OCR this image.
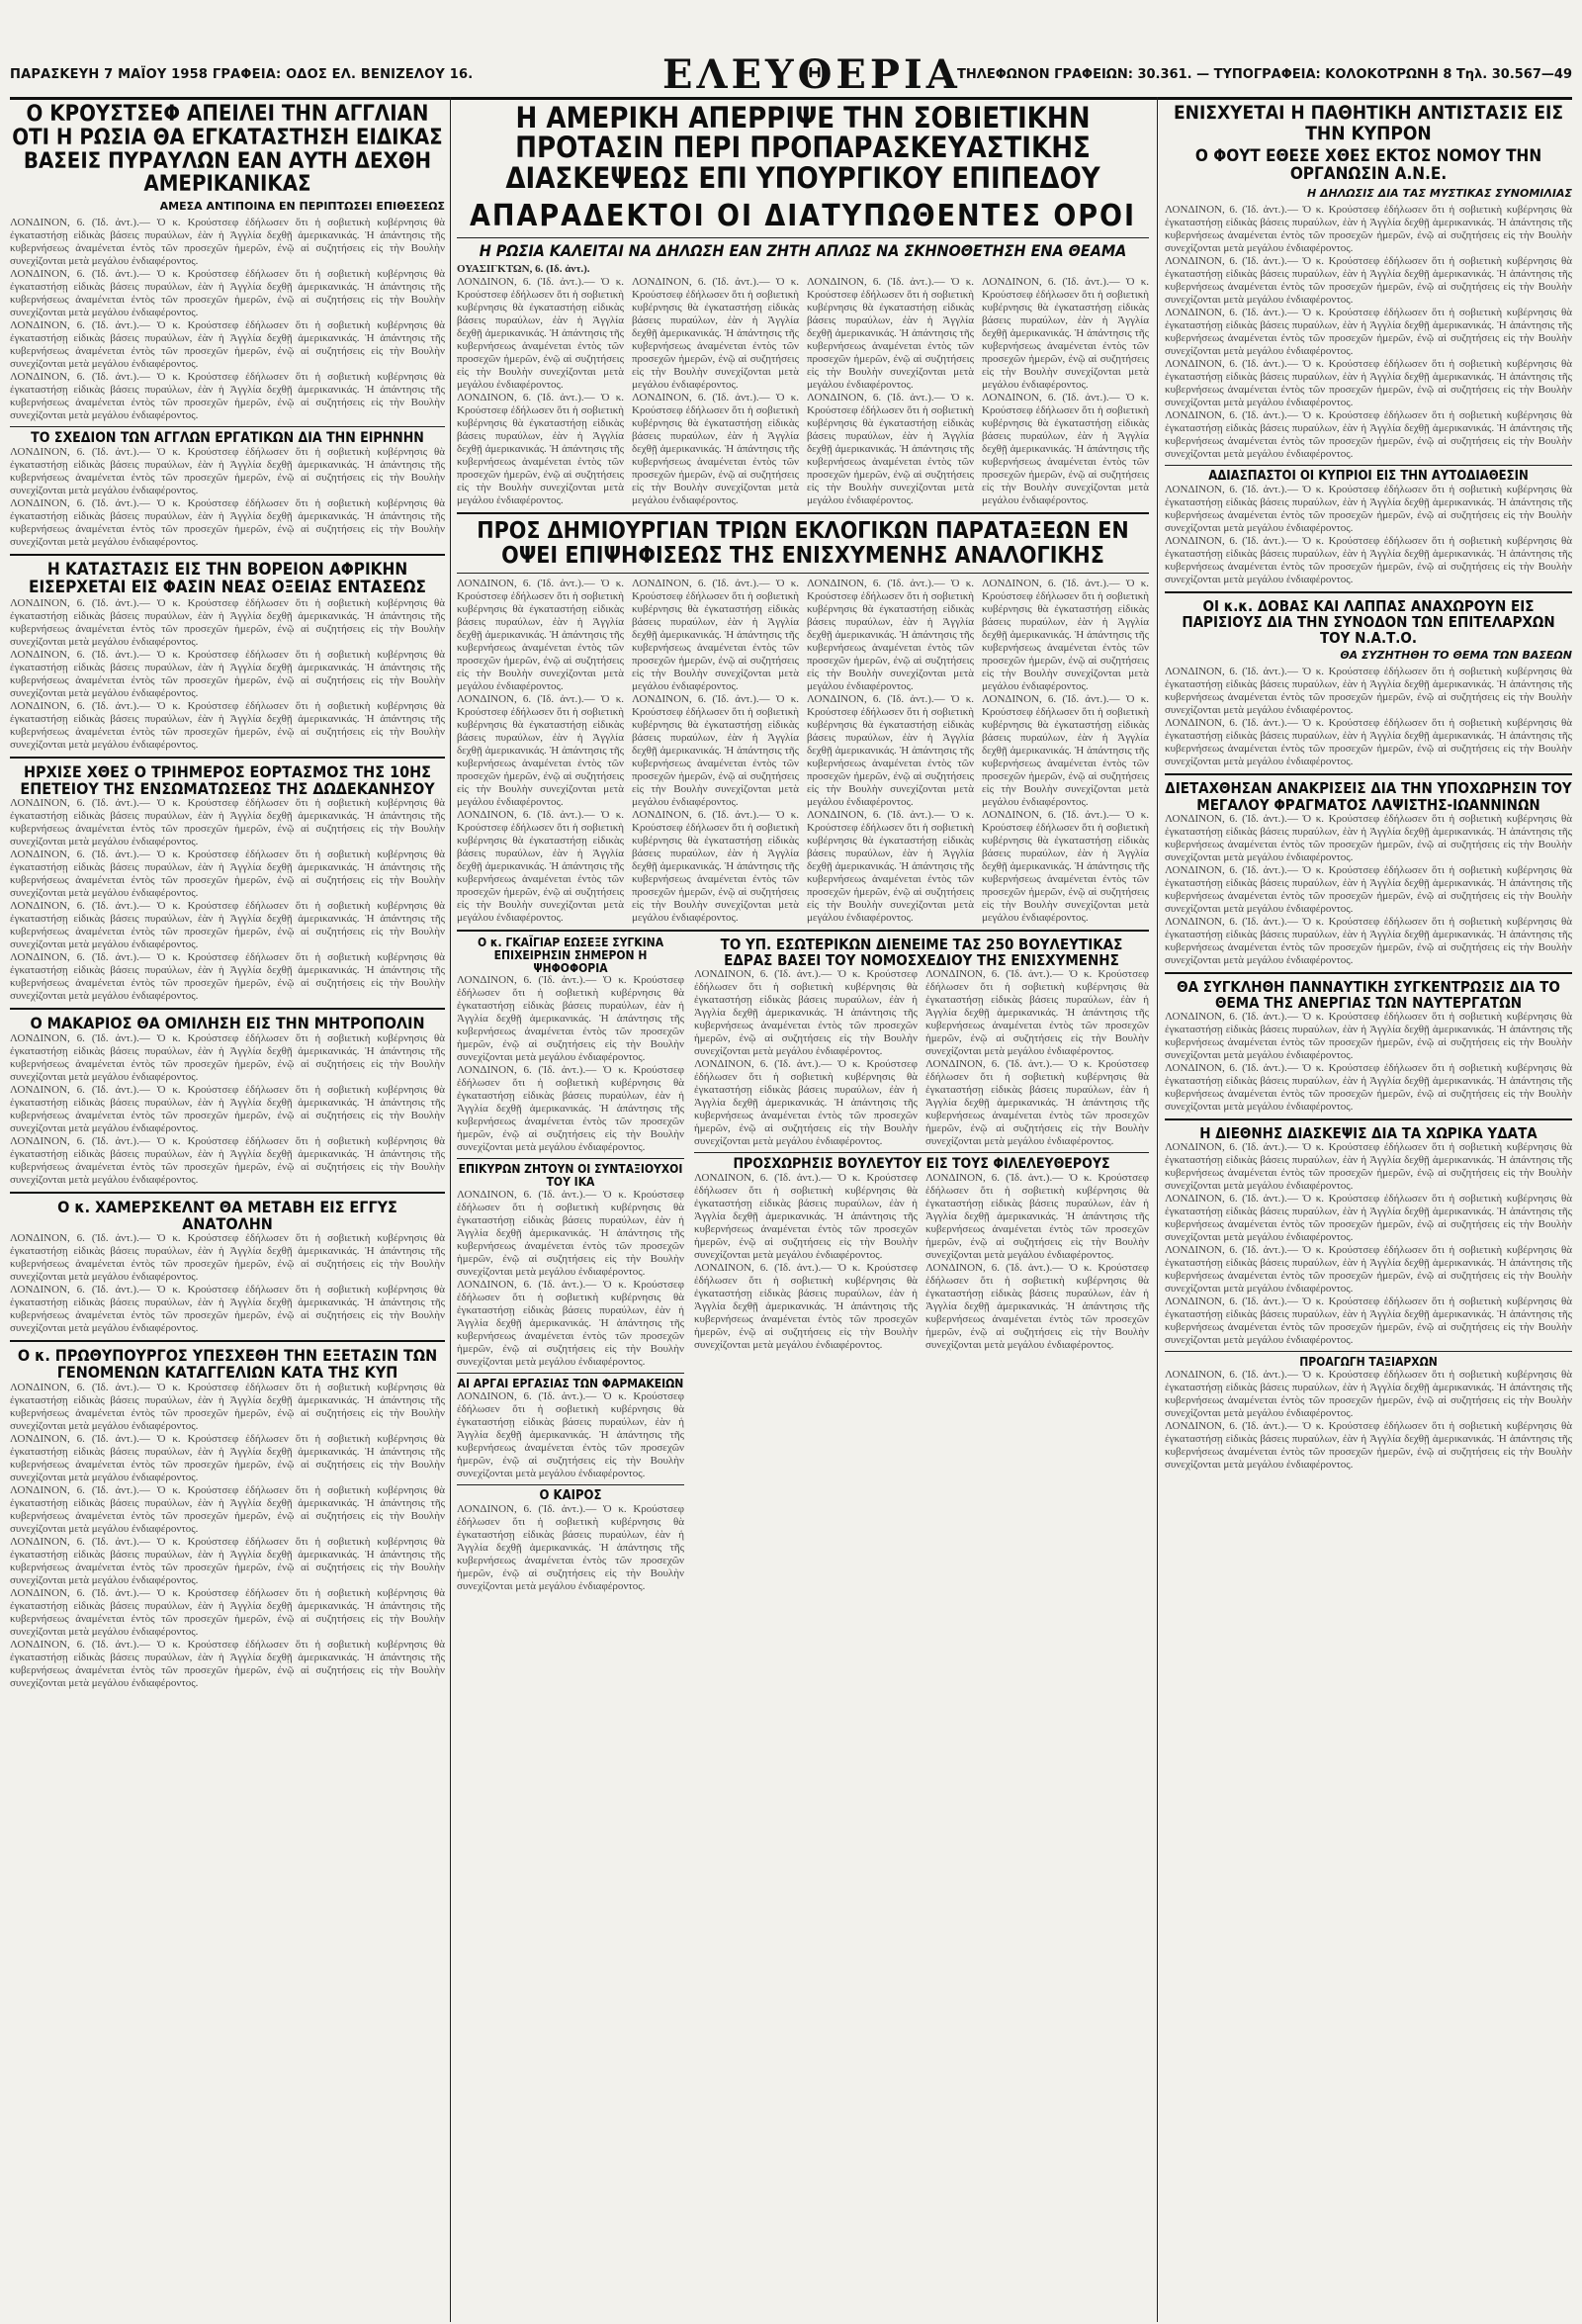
ΠΑΡΑΣΚΕΥΗ 7 ΜΑΪΟΥ 1958 ΓΡΑΦΕΙΑ: ΟΔΟΣ ΕΛ. ΒΕΝΙΖΕΛΟΥ 16.	ΕΛΕΥΘΕΡΙΑ
ΤΗΛΕΦΩΝΟΝ ΓΡΑΦΕΙΩΝ: 30.361. — ΤΥΠΟΓΡΑΦΕΙΑ: ΚΟΛΟΚΟΤΡΩΝΗ 8 Τηλ. 30.567—49
Ο ΚΡΟΥΣΤΣΕΦ ΑΠΕΙΛΕΙ ΤΗΝ ΑΓΓΛΙΑΝ ΟΤΙ Η ΡΩΣΙΑ ΘΑ ΕΓΚΑΤΑΣΤΗΣΗ ΕΙΔΙΚΑΣ ΒΑΣΕΙΣ ΠΥΡΑΥΛΩΝ ΕΑΝ ΑΥΤΗ ΔΕΧΘΗ ΑΜΕΡΙΚΑΝΙΚΑΣ
ΑΜΕΣΑ ΑΝΤΙΠΟΙΝΑ ΕΝ ΠΕΡΙΠΤΩΣΕΙ ΕΠΙΘΕΣΕΩΣ

ΛΟΝΔΙΝΟΝ, 6. (Ἰδ. ἀντ.).— Ὁ κ. Κρούστσεφ ἐδήλωσεν ὅτι ἡ σοβιετικὴ κυβέρνησις θὰ ἐγκαταστήσῃ εἰδικὰς βάσεις πυραύλων, ἐὰν ἡ Ἀγγλία δεχθῇ ἀμερικανικάς. Ἡ ἀπάντησις τῆς κυβερνήσεως ἀναμένεται ἐντὸς τῶν προσεχῶν ἡμερῶν, ἐνῷ αἱ συζητήσεις εἰς τὴν Βουλὴν συνεχίζονται μετὰ μεγάλου ἐνδιαφέροντος.

ΛΟΝΔΙΝΟΝ, 6. (Ἰδ. ἀντ.).— Ὁ κ. Κρούστσεφ ἐδήλωσεν ὅτι ἡ σοβιετικὴ κυβέρνησις θὰ ἐγκαταστήσῃ εἰδικὰς βάσεις πυραύλων, ἐὰν ἡ Ἀγγλία δεχθῇ ἀμερικανικάς. Ἡ ἀπάντησις τῆς κυβερνήσεως ἀναμένεται ἐντὸς τῶν προσεχῶν ἡμερῶν, ἐνῷ αἱ συζητήσεις εἰς τὴν Βουλὴν συνεχίζονται μετὰ μεγάλου ἐνδιαφέροντος.

ΛΟΝΔΙΝΟΝ, 6. (Ἰδ. ἀντ.).— Ὁ κ. Κρούστσεφ ἐδήλωσεν ὅτι ἡ σοβιετικὴ κυβέρνησις θὰ ἐγκαταστήσῃ εἰδικὰς βάσεις πυραύλων, ἐὰν ἡ Ἀγγλία δεχθῇ ἀμερικανικάς. Ἡ ἀπάντησις τῆς κυβερνήσεως ἀναμένεται ἐντὸς τῶν προσεχῶν ἡμερῶν, ἐνῷ αἱ συζητήσεις εἰς τὴν Βουλὴν συνεχίζονται μετὰ μεγάλου ἐνδιαφέροντος.

ΛΟΝΔΙΝΟΝ, 6. (Ἰδ. ἀντ.).— Ὁ κ. Κρούστσεφ ἐδήλωσεν ὅτι ἡ σοβιετικὴ κυβέρνησις θὰ ἐγκαταστήσῃ εἰδικὰς βάσεις πυραύλων, ἐὰν ἡ Ἀγγλία δεχθῇ ἀμερικανικάς. Ἡ ἀπάντησις τῆς κυβερνήσεως ἀναμένεται ἐντὸς τῶν προσεχῶν ἡμερῶν, ἐνῷ αἱ συζητήσεις εἰς τὴν Βουλὴν συνεχίζονται μετὰ μεγάλου ἐνδιαφέροντος.

ΤΟ ΣΧΕΔΙΟΝ ΤΩΝ ΑΓΓΛΩΝ ΕΡΓΑΤΙΚΩΝ ΔΙΑ ΤΗΝ ΕΙΡΗΝΗΝ

ΛΟΝΔΙΝΟΝ, 6. (Ἰδ. ἀντ.).— Ὁ κ. Κρούστσεφ ἐδήλωσεν ὅτι ἡ σοβιετικὴ κυβέρνησις θὰ ἐγκαταστήσῃ εἰδικὰς βάσεις πυραύλων, ἐὰν ἡ Ἀγγλία δεχθῇ ἀμερικανικάς. Ἡ ἀπάντησις τῆς κυβερνήσεως ἀναμένεται ἐντὸς τῶν προσεχῶν ἡμερῶν, ἐνῷ αἱ συζητήσεις εἰς τὴν Βουλὴν συνεχίζονται μετὰ μεγάλου ἐνδιαφέροντος.

ΛΟΝΔΙΝΟΝ, 6. (Ἰδ. ἀντ.).— Ὁ κ. Κρούστσεφ ἐδήλωσεν ὅτι ἡ σοβιετικὴ κυβέρνησις θὰ ἐγκαταστήσῃ εἰδικὰς βάσεις πυραύλων, ἐὰν ἡ Ἀγγλία δεχθῇ ἀμερικανικάς. Ἡ ἀπάντησις τῆς κυβερνήσεως ἀναμένεται ἐντὸς τῶν προσεχῶν ἡμερῶν, ἐνῷ αἱ συζητήσεις εἰς τὴν Βουλὴν συνεχίζονται μετὰ μεγάλου ἐνδιαφέροντος.

Η ΚΑΤΑΣΤΑΣΙΣ ΕΙΣ ΤΗΝ ΒΟΡΕΙΟΝ ΑΦΡΙΚΗΝ ΕΙΣΕΡΧΕΤΑΙ ΕΙΣ ΦΑΣΙΝ ΝΕΑΣ ΟΞΕΙΑΣ ΕΝΤΑΣΕΩΣ

ΛΟΝΔΙΝΟΝ, 6. (Ἰδ. ἀντ.).— Ὁ κ. Κρούστσεφ ἐδήλωσεν ὅτι ἡ σοβιετικὴ κυβέρνησις θὰ ἐγκαταστήσῃ εἰδικὰς βάσεις πυραύλων, ἐὰν ἡ Ἀγγλία δεχθῇ ἀμερικανικάς. Ἡ ἀπάντησις τῆς κυβερνήσεως ἀναμένεται ἐντὸς τῶν προσεχῶν ἡμερῶν, ἐνῷ αἱ συζητήσεις εἰς τὴν Βουλὴν συνεχίζονται μετὰ μεγάλου ἐνδιαφέροντος.

ΛΟΝΔΙΝΟΝ, 6. (Ἰδ. ἀντ.).— Ὁ κ. Κρούστσεφ ἐδήλωσεν ὅτι ἡ σοβιετικὴ κυβέρνησις θὰ ἐγκαταστήσῃ εἰδικὰς βάσεις πυραύλων, ἐὰν ἡ Ἀγγλία δεχθῇ ἀμερικανικάς. Ἡ ἀπάντησις τῆς κυβερνήσεως ἀναμένεται ἐντὸς τῶν προσεχῶν ἡμερῶν, ἐνῷ αἱ συζητήσεις εἰς τὴν Βουλὴν συνεχίζονται μετὰ μεγάλου ἐνδιαφέροντος.

ΛΟΝΔΙΝΟΝ, 6. (Ἰδ. ἀντ.).— Ὁ κ. Κρούστσεφ ἐδήλωσεν ὅτι ἡ σοβιετικὴ κυβέρνησις θὰ ἐγκαταστήσῃ εἰδικὰς βάσεις πυραύλων, ἐὰν ἡ Ἀγγλία δεχθῇ ἀμερικανικάς. Ἡ ἀπάντησις τῆς κυβερνήσεως ἀναμένεται ἐντὸς τῶν προσεχῶν ἡμερῶν, ἐνῷ αἱ συζητήσεις εἰς τὴν Βουλὴν συνεχίζονται μετὰ μεγάλου ἐνδιαφέροντος.

ΗΡΧΙΣΕ ΧΘΕΣ Ο ΤΡΙΗΜΕΡΟΣ ΕΟΡΤΑΣΜΟΣ ΤΗΣ 10ΗΣ ΕΠΕΤΕΙΟΥ ΤΗΣ ΕΝΣΩΜΑΤΩΣΕΩΣ ΤΗΣ ΔΩΔΕΚΑΝΗΣΟΥ

ΛΟΝΔΙΝΟΝ, 6. (Ἰδ. ἀντ.).— Ὁ κ. Κρούστσεφ ἐδήλωσεν ὅτι ἡ σοβιετικὴ κυβέρνησις θὰ ἐγκαταστήσῃ εἰδικὰς βάσεις πυραύλων, ἐὰν ἡ Ἀγγλία δεχθῇ ἀμερικανικάς. Ἡ ἀπάντησις τῆς κυβερνήσεως ἀναμένεται ἐντὸς τῶν προσεχῶν ἡμερῶν, ἐνῷ αἱ συζητήσεις εἰς τὴν Βουλὴν συνεχίζονται μετὰ μεγάλου ἐνδιαφέροντος.

ΛΟΝΔΙΝΟΝ, 6. (Ἰδ. ἀντ.).— Ὁ κ. Κρούστσεφ ἐδήλωσεν ὅτι ἡ σοβιετικὴ κυβέρνησις θὰ ἐγκαταστήσῃ εἰδικὰς βάσεις πυραύλων, ἐὰν ἡ Ἀγγλία δεχθῇ ἀμερικανικάς. Ἡ ἀπάντησις τῆς κυβερνήσεως ἀναμένεται ἐντὸς τῶν προσεχῶν ἡμερῶν, ἐνῷ αἱ συζητήσεις εἰς τὴν Βουλὴν συνεχίζονται μετὰ μεγάλου ἐνδιαφέροντος.

ΛΟΝΔΙΝΟΝ, 6. (Ἰδ. ἀντ.).— Ὁ κ. Κρούστσεφ ἐδήλωσεν ὅτι ἡ σοβιετικὴ κυβέρνησις θὰ ἐγκαταστήσῃ εἰδικὰς βάσεις πυραύλων, ἐὰν ἡ Ἀγγλία δεχθῇ ἀμερικανικάς. Ἡ ἀπάντησις τῆς κυβερνήσεως ἀναμένεται ἐντὸς τῶν προσεχῶν ἡμερῶν, ἐνῷ αἱ συζητήσεις εἰς τὴν Βουλὴν συνεχίζονται μετὰ μεγάλου ἐνδιαφέροντος.

ΛΟΝΔΙΝΟΝ, 6. (Ἰδ. ἀντ.).— Ὁ κ. Κρούστσεφ ἐδήλωσεν ὅτι ἡ σοβιετικὴ κυβέρνησις θὰ ἐγκαταστήσῃ εἰδικὰς βάσεις πυραύλων, ἐὰν ἡ Ἀγγλία δεχθῇ ἀμερικανικάς. Ἡ ἀπάντησις τῆς κυβερνήσεως ἀναμένεται ἐντὸς τῶν προσεχῶν ἡμερῶν, ἐνῷ αἱ συζητήσεις εἰς τὴν Βουλὴν συνεχίζονται μετὰ μεγάλου ἐνδιαφέροντος.

Ο ΜΑΚΑΡΙΟΣ ΘΑ ΟΜΙΛΗΣΗ ΕΙΣ ΤΗΝ ΜΗΤΡΟΠΟΛΙΝ

ΛΟΝΔΙΝΟΝ, 6. (Ἰδ. ἀντ.).— Ὁ κ. Κρούστσεφ ἐδήλωσεν ὅτι ἡ σοβιετικὴ κυβέρνησις θὰ ἐγκαταστήσῃ εἰδικὰς βάσεις πυραύλων, ἐὰν ἡ Ἀγγλία δεχθῇ ἀμερικανικάς. Ἡ ἀπάντησις τῆς κυβερνήσεως ἀναμένεται ἐντὸς τῶν προσεχῶν ἡμερῶν, ἐνῷ αἱ συζητήσεις εἰς τὴν Βουλὴν συνεχίζονται μετὰ μεγάλου ἐνδιαφέροντος.

ΛΟΝΔΙΝΟΝ, 6. (Ἰδ. ἀντ.).— Ὁ κ. Κρούστσεφ ἐδήλωσεν ὅτι ἡ σοβιετικὴ κυβέρνησις θὰ ἐγκαταστήσῃ εἰδικὰς βάσεις πυραύλων, ἐὰν ἡ Ἀγγλία δεχθῇ ἀμερικανικάς. Ἡ ἀπάντησις τῆς κυβερνήσεως ἀναμένεται ἐντὸς τῶν προσεχῶν ἡμερῶν, ἐνῷ αἱ συζητήσεις εἰς τὴν Βουλὴν συνεχίζονται μετὰ μεγάλου ἐνδιαφέροντος.

ΛΟΝΔΙΝΟΝ, 6. (Ἰδ. ἀντ.).— Ὁ κ. Κρούστσεφ ἐδήλωσεν ὅτι ἡ σοβιετικὴ κυβέρνησις θὰ ἐγκαταστήσῃ εἰδικὰς βάσεις πυραύλων, ἐὰν ἡ Ἀγγλία δεχθῇ ἀμερικανικάς. Ἡ ἀπάντησις τῆς κυβερνήσεως ἀναμένεται ἐντὸς τῶν προσεχῶν ἡμερῶν, ἐνῷ αἱ συζητήσεις εἰς τὴν Βουλὴν συνεχίζονται μετὰ μεγάλου ἐνδιαφέροντος.

Ο κ. ΧΑΜΕΡΣΚΕΛΝΤ ΘΑ ΜΕΤΑΒΗ ΕΙΣ ΕΓΓΥΣ ΑΝΑΤΟΛΗΝ

ΛΟΝΔΙΝΟΝ, 6. (Ἰδ. ἀντ.).— Ὁ κ. Κρούστσεφ ἐδήλωσεν ὅτι ἡ σοβιετικὴ κυβέρνησις θὰ ἐγκαταστήσῃ εἰδικὰς βάσεις πυραύλων, ἐὰν ἡ Ἀγγλία δεχθῇ ἀμερικανικάς. Ἡ ἀπάντησις τῆς κυβερνήσεως ἀναμένεται ἐντὸς τῶν προσεχῶν ἡμερῶν, ἐνῷ αἱ συζητήσεις εἰς τὴν Βουλὴν συνεχίζονται μετὰ μεγάλου ἐνδιαφέροντος.

ΛΟΝΔΙΝΟΝ, 6. (Ἰδ. ἀντ.).— Ὁ κ. Κρούστσεφ ἐδήλωσεν ὅτι ἡ σοβιετικὴ κυβέρνησις θὰ ἐγκαταστήσῃ εἰδικὰς βάσεις πυραύλων, ἐὰν ἡ Ἀγγλία δεχθῇ ἀμερικανικάς. Ἡ ἀπάντησις τῆς κυβερνήσεως ἀναμένεται ἐντὸς τῶν προσεχῶν ἡμερῶν, ἐνῷ αἱ συζητήσεις εἰς τὴν Βουλὴν συνεχίζονται μετὰ μεγάλου ἐνδιαφέροντος.

Ο κ. ΠΡΩΘΥΠΟΥΡΓΟΣ ΥΠΕΣΧΕΘΗ ΤΗΝ ΕΞΕΤΑΣΙΝ ΤΩΝ ΓΕΝΟΜΕΝΩΝ ΚΑΤΑΓΓΕΛΙΩΝ ΚΑΤΑ ΤΗΣ ΚΥΠ

ΛΟΝΔΙΝΟΝ, 6. (Ἰδ. ἀντ.).— Ὁ κ. Κρούστσεφ ἐδήλωσεν ὅτι ἡ σοβιετικὴ κυβέρνησις θὰ ἐγκαταστήσῃ εἰδικὰς βάσεις πυραύλων, ἐὰν ἡ Ἀγγλία δεχθῇ ἀμερικανικάς. Ἡ ἀπάντησις τῆς κυβερνήσεως ἀναμένεται ἐντὸς τῶν προσεχῶν ἡμερῶν, ἐνῷ αἱ συζητήσεις εἰς τὴν Βουλὴν συνεχίζονται μετὰ μεγάλου ἐνδιαφέροντος.

ΛΟΝΔΙΝΟΝ, 6. (Ἰδ. ἀντ.).— Ὁ κ. Κρούστσεφ ἐδήλωσεν ὅτι ἡ σοβιετικὴ κυβέρνησις θὰ ἐγκαταστήσῃ εἰδικὰς βάσεις πυραύλων, ἐὰν ἡ Ἀγγλία δεχθῇ ἀμερικανικάς. Ἡ ἀπάντησις τῆς κυβερνήσεως ἀναμένεται ἐντὸς τῶν προσεχῶν ἡμερῶν, ἐνῷ αἱ συζητήσεις εἰς τὴν Βουλὴν συνεχίζονται μετὰ μεγάλου ἐνδιαφέροντος.

ΛΟΝΔΙΝΟΝ, 6. (Ἰδ. ἀντ.).— Ὁ κ. Κρούστσεφ ἐδήλωσεν ὅτι ἡ σοβιετικὴ κυβέρνησις θὰ ἐγκαταστήσῃ εἰδικὰς βάσεις πυραύλων, ἐὰν ἡ Ἀγγλία δεχθῇ ἀμερικανικάς. Ἡ ἀπάντησις τῆς κυβερνήσεως ἀναμένεται ἐντὸς τῶν προσεχῶν ἡμερῶν, ἐνῷ αἱ συζητήσεις εἰς τὴν Βουλὴν συνεχίζονται μετὰ μεγάλου ἐνδιαφέροντος.

ΛΟΝΔΙΝΟΝ, 6. (Ἰδ. ἀντ.).— Ὁ κ. Κρούστσεφ ἐδήλωσεν ὅτι ἡ σοβιετικὴ κυβέρνησις θὰ ἐγκαταστήσῃ εἰδικὰς βάσεις πυραύλων, ἐὰν ἡ Ἀγγλία δεχθῇ ἀμερικανικάς. Ἡ ἀπάντησις τῆς κυβερνήσεως ἀναμένεται ἐντὸς τῶν προσεχῶν ἡμερῶν, ἐνῷ αἱ συζητήσεις εἰς τὴν Βουλὴν συνεχίζονται μετὰ μεγάλου ἐνδιαφέροντος.

ΛΟΝΔΙΝΟΝ, 6. (Ἰδ. ἀντ.).— Ὁ κ. Κρούστσεφ ἐδήλωσεν ὅτι ἡ σοβιετικὴ κυβέρνησις θὰ ἐγκαταστήσῃ εἰδικὰς βάσεις πυραύλων, ἐὰν ἡ Ἀγγλία δεχθῇ ἀμερικανικάς. Ἡ ἀπάντησις τῆς κυβερνήσεως ἀναμένεται ἐντὸς τῶν προσεχῶν ἡμερῶν, ἐνῷ αἱ συζητήσεις εἰς τὴν Βουλὴν συνεχίζονται μετὰ μεγάλου ἐνδιαφέροντος.

ΛΟΝΔΙΝΟΝ, 6. (Ἰδ. ἀντ.).— Ὁ κ. Κρούστσεφ ἐδήλωσεν ὅτι ἡ σοβιετικὴ κυβέρνησις θὰ ἐγκαταστήσῃ εἰδικὰς βάσεις πυραύλων, ἐὰν ἡ Ἀγγλία δεχθῇ ἀμερικανικάς. Ἡ ἀπάντησις τῆς κυβερνήσεως ἀναμένεται ἐντὸς τῶν προσεχῶν ἡμερῶν, ἐνῷ αἱ συζητήσεις εἰς τὴν Βουλὴν συνεχίζονται μετὰ μεγάλου ἐνδιαφέροντος.

Η ΑΜΕΡΙΚΗ ΑΠΕΡΡΙΨΕ ΤΗΝ ΣΟΒΙΕΤΙΚΗΝ ΠΡΟΤΑΣΙΝ ΠΕΡΙ ΠΡΟΠΑΡΑΣΚΕΥΑΣΤΙΚΗΣ ΔΙΑΣΚΕΨΕΩΣ ΕΠΙ ΥΠΟΥΡΓΙΚΟΥ ΕΠΙΠΕΔΟΥ
ΑΠΑΡΑΔΕΚΤΟΙ ΟΙ ΔΙΑΤΥΠΩΘΕΝΤΕΣ ΟΡΟΙ
Η ΡΩΣΙΑ ΚΑΛΕΙΤΑΙ ΝΑ ΔΗΛΩΣΗ ΕΑΝ ΖΗΤΗ ΑΠΛΩΣ ΝΑ ΣΚΗΝΟΘΕΤΗΣΗ ΕΝΑ ΘΕΑΜΑ
ΟΥΑΣΙΓΚΤΩΝ, 6. (Ιδ. ἀντ.).

ΛΟΝΔΙΝΟΝ, 6. (Ἰδ. ἀντ.).— Ὁ κ. Κρούστσεφ ἐδήλωσεν ὅτι ἡ σοβιετικὴ κυβέρνησις θὰ ἐγκαταστήσῃ εἰδικὰς βάσεις πυραύλων, ἐὰν ἡ Ἀγγλία δεχθῇ ἀμερικανικάς. Ἡ ἀπάντησις τῆς κυβερνήσεως ἀναμένεται ἐντὸς τῶν προσεχῶν ἡμερῶν, ἐνῷ αἱ συζητήσεις εἰς τὴν Βουλὴν συνεχίζονται μετὰ μεγάλου ἐνδιαφέροντος.

ΛΟΝΔΙΝΟΝ, 6. (Ἰδ. ἀντ.).— Ὁ κ. Κρούστσεφ ἐδήλωσεν ὅτι ἡ σοβιετικὴ κυβέρνησις θὰ ἐγκαταστήσῃ εἰδικὰς βάσεις πυραύλων, ἐὰν ἡ Ἀγγλία δεχθῇ ἀμερικανικάς. Ἡ ἀπάντησις τῆς κυβερνήσεως ἀναμένεται ἐντὸς τῶν προσεχῶν ἡμερῶν, ἐνῷ αἱ συζητήσεις εἰς τὴν Βουλὴν συνεχίζονται μετὰ μεγάλου ἐνδιαφέροντος.

ΛΟΝΔΙΝΟΝ, 6. (Ἰδ. ἀντ.).— Ὁ κ. Κρούστσεφ ἐδήλωσεν ὅτι ἡ σοβιετικὴ κυβέρνησις θὰ ἐγκαταστήσῃ εἰδικὰς βάσεις πυραύλων, ἐὰν ἡ Ἀγγλία δεχθῇ ἀμερικανικάς. Ἡ ἀπάντησις τῆς κυβερνήσεως ἀναμένεται ἐντὸς τῶν προσεχῶν ἡμερῶν, ἐνῷ αἱ συζητήσεις εἰς τὴν Βουλὴν συνεχίζονται μετὰ μεγάλου ἐνδιαφέροντος.

ΛΟΝΔΙΝΟΝ, 6. (Ἰδ. ἀντ.).— Ὁ κ. Κρούστσεφ ἐδήλωσεν ὅτι ἡ σοβιετικὴ κυβέρνησις θὰ ἐγκαταστήσῃ εἰδικὰς βάσεις πυραύλων, ἐὰν ἡ Ἀγγλία δεχθῇ ἀμερικανικάς. Ἡ ἀπάντησις τῆς κυβερνήσεως ἀναμένεται ἐντὸς τῶν προσεχῶν ἡμερῶν, ἐνῷ αἱ συζητήσεις εἰς τὴν Βουλὴν συνεχίζονται μετὰ μεγάλου ἐνδιαφέροντος.

ΛΟΝΔΙΝΟΝ, 6. (Ἰδ. ἀντ.).— Ὁ κ. Κρούστσεφ ἐδήλωσεν ὅτι ἡ σοβιετικὴ κυβέρνησις θὰ ἐγκαταστήσῃ εἰδικὰς βάσεις πυραύλων, ἐὰν ἡ Ἀγγλία δεχθῇ ἀμερικανικάς. Ἡ ἀπάντησις τῆς κυβερνήσεως ἀναμένεται ἐντὸς τῶν προσεχῶν ἡμερῶν, ἐνῷ αἱ συζητήσεις εἰς τὴν Βουλὴν συνεχίζονται μετὰ μεγάλου ἐνδιαφέροντος.

ΛΟΝΔΙΝΟΝ, 6. (Ἰδ. ἀντ.).— Ὁ κ. Κρούστσεφ ἐδήλωσεν ὅτι ἡ σοβιετικὴ κυβέρνησις θὰ ἐγκαταστήσῃ εἰδικὰς βάσεις πυραύλων, ἐὰν ἡ Ἀγγλία δεχθῇ ἀμερικανικάς. Ἡ ἀπάντησις τῆς κυβερνήσεως ἀναμένεται ἐντὸς τῶν προσεχῶν ἡμερῶν, ἐνῷ αἱ συζητήσεις εἰς τὴν Βουλὴν συνεχίζονται μετὰ μεγάλου ἐνδιαφέροντος.

ΛΟΝΔΙΝΟΝ, 6. (Ἰδ. ἀντ.).— Ὁ κ. Κρούστσεφ ἐδήλωσεν ὅτι ἡ σοβιετικὴ κυβέρνησις θὰ ἐγκαταστήσῃ εἰδικὰς βάσεις πυραύλων, ἐὰν ἡ Ἀγγλία δεχθῇ ἀμερικανικάς. Ἡ ἀπάντησις τῆς κυβερνήσεως ἀναμένεται ἐντὸς τῶν προσεχῶν ἡμερῶν, ἐνῷ αἱ συζητήσεις εἰς τὴν Βουλὴν συνεχίζονται μετὰ μεγάλου ἐνδιαφέροντος.

ΛΟΝΔΙΝΟΝ, 6. (Ἰδ. ἀντ.).— Ὁ κ. Κρούστσεφ ἐδήλωσεν ὅτι ἡ σοβιετικὴ κυβέρνησις θὰ ἐγκαταστήσῃ εἰδικὰς βάσεις πυραύλων, ἐὰν ἡ Ἀγγλία δεχθῇ ἀμερικανικάς. Ἡ ἀπάντησις τῆς κυβερνήσεως ἀναμένεται ἐντὸς τῶν προσεχῶν ἡμερῶν, ἐνῷ αἱ συζητήσεις εἰς τὴν Βουλὴν συνεχίζονται μετὰ μεγάλου ἐνδιαφέροντος.

ΠΡΟΣ ΔΗΜΙΟΥΡΓΙΑΝ ΤΡΙΩΝ ΕΚΛΟΓΙΚΩΝ ΠΑΡΑΤΑΞΕΩΝ ΕΝ ΟΨΕΙ ΕΠΙΨΗΦΙΣΕΩΣ ΤΗΣ ΕΝΙΣΧΥΜΕΝΗΣ ΑΝΑΛΟΓΙΚΗΣ

ΛΟΝΔΙΝΟΝ, 6. (Ἰδ. ἀντ.).— Ὁ κ. Κρούστσεφ ἐδήλωσεν ὅτι ἡ σοβιετικὴ κυβέρνησις θὰ ἐγκαταστήσῃ εἰδικὰς βάσεις πυραύλων, ἐὰν ἡ Ἀγγλία δεχθῇ ἀμερικανικάς. Ἡ ἀπάντησις τῆς κυβερνήσεως ἀναμένεται ἐντὸς τῶν προσεχῶν ἡμερῶν, ἐνῷ αἱ συζητήσεις εἰς τὴν Βουλὴν συνεχίζονται μετὰ μεγάλου ἐνδιαφέροντος.

ΛΟΝΔΙΝΟΝ, 6. (Ἰδ. ἀντ.).— Ὁ κ. Κρούστσεφ ἐδήλωσεν ὅτι ἡ σοβιετικὴ κυβέρνησις θὰ ἐγκαταστήσῃ εἰδικὰς βάσεις πυραύλων, ἐὰν ἡ Ἀγγλία δεχθῇ ἀμερικανικάς. Ἡ ἀπάντησις τῆς κυβερνήσεως ἀναμένεται ἐντὸς τῶν προσεχῶν ἡμερῶν, ἐνῷ αἱ συζητήσεις εἰς τὴν Βουλὴν συνεχίζονται μετὰ μεγάλου ἐνδιαφέροντος.

ΛΟΝΔΙΝΟΝ, 6. (Ἰδ. ἀντ.).— Ὁ κ. Κρούστσεφ ἐδήλωσεν ὅτι ἡ σοβιετικὴ κυβέρνησις θὰ ἐγκαταστήσῃ εἰδικὰς βάσεις πυραύλων, ἐὰν ἡ Ἀγγλία δεχθῇ ἀμερικανικάς. Ἡ ἀπάντησις τῆς κυβερνήσεως ἀναμένεται ἐντὸς τῶν προσεχῶν ἡμερῶν, ἐνῷ αἱ συζητήσεις εἰς τὴν Βουλὴν συνεχίζονται μετὰ μεγάλου ἐνδιαφέροντος.

ΛΟΝΔΙΝΟΝ, 6. (Ἰδ. ἀντ.).— Ὁ κ. Κρούστσεφ ἐδήλωσεν ὅτι ἡ σοβιετικὴ κυβέρνησις θὰ ἐγκαταστήσῃ εἰδικὰς βάσεις πυραύλων, ἐὰν ἡ Ἀγγλία δεχθῇ ἀμερικανικάς. Ἡ ἀπάντησις τῆς κυβερνήσεως ἀναμένεται ἐντὸς τῶν προσεχῶν ἡμερῶν, ἐνῷ αἱ συζητήσεις εἰς τὴν Βουλὴν συνεχίζονται μετὰ μεγάλου ἐνδιαφέροντος.

ΛΟΝΔΙΝΟΝ, 6. (Ἰδ. ἀντ.).— Ὁ κ. Κρούστσεφ ἐδήλωσεν ὅτι ἡ σοβιετικὴ κυβέρνησις θὰ ἐγκαταστήσῃ εἰδικὰς βάσεις πυραύλων, ἐὰν ἡ Ἀγγλία δεχθῇ ἀμερικανικάς. Ἡ ἀπάντησις τῆς κυβερνήσεως ἀναμένεται ἐντὸς τῶν προσεχῶν ἡμερῶν, ἐνῷ αἱ συζητήσεις εἰς τὴν Βουλὴν συνεχίζονται μετὰ μεγάλου ἐνδιαφέροντος.

ΛΟΝΔΙΝΟΝ, 6. (Ἰδ. ἀντ.).— Ὁ κ. Κρούστσεφ ἐδήλωσεν ὅτι ἡ σοβιετικὴ κυβέρνησις θὰ ἐγκαταστήσῃ εἰδικὰς βάσεις πυραύλων, ἐὰν ἡ Ἀγγλία δεχθῇ ἀμερικανικάς. Ἡ ἀπάντησις τῆς κυβερνήσεως ἀναμένεται ἐντὸς τῶν προσεχῶν ἡμερῶν, ἐνῷ αἱ συζητήσεις εἰς τὴν Βουλὴν συνεχίζονται μετὰ μεγάλου ἐνδιαφέροντος.

ΛΟΝΔΙΝΟΝ, 6. (Ἰδ. ἀντ.).— Ὁ κ. Κρούστσεφ ἐδήλωσεν ὅτι ἡ σοβιετικὴ κυβέρνησις θὰ ἐγκαταστήσῃ εἰδικὰς βάσεις πυραύλων, ἐὰν ἡ Ἀγγλία δεχθῇ ἀμερικανικάς. Ἡ ἀπάντησις τῆς κυβερνήσεως ἀναμένεται ἐντὸς τῶν προσεχῶν ἡμερῶν, ἐνῷ αἱ συζητήσεις εἰς τὴν Βουλὴν συνεχίζονται μετὰ μεγάλου ἐνδιαφέροντος.

ΛΟΝΔΙΝΟΝ, 6. (Ἰδ. ἀντ.).— Ὁ κ. Κρούστσεφ ἐδήλωσεν ὅτι ἡ σοβιετικὴ κυβέρνησις θὰ ἐγκαταστήσῃ εἰδικὰς βάσεις πυραύλων, ἐὰν ἡ Ἀγγλία δεχθῇ ἀμερικανικάς. Ἡ ἀπάντησις τῆς κυβερνήσεως ἀναμένεται ἐντὸς τῶν προσεχῶν ἡμερῶν, ἐνῷ αἱ συζητήσεις εἰς τὴν Βουλὴν συνεχίζονται μετὰ μεγάλου ἐνδιαφέροντος.

ΛΟΝΔΙΝΟΝ, 6. (Ἰδ. ἀντ.).— Ὁ κ. Κρούστσεφ ἐδήλωσεν ὅτι ἡ σοβιετικὴ κυβέρνησις θὰ ἐγκαταστήσῃ εἰδικὰς βάσεις πυραύλων, ἐὰν ἡ Ἀγγλία δεχθῇ ἀμερικανικάς. Ἡ ἀπάντησις τῆς κυβερνήσεως ἀναμένεται ἐντὸς τῶν προσεχῶν ἡμερῶν, ἐνῷ αἱ συζητήσεις εἰς τὴν Βουλὴν συνεχίζονται μετὰ μεγάλου ἐνδιαφέροντος.

ΛΟΝΔΙΝΟΝ, 6. (Ἰδ. ἀντ.).— Ὁ κ. Κρούστσεφ ἐδήλωσεν ὅτι ἡ σοβιετικὴ κυβέρνησις θὰ ἐγκαταστήσῃ εἰδικὰς βάσεις πυραύλων, ἐὰν ἡ Ἀγγλία δεχθῇ ἀμερικανικάς. Ἡ ἀπάντησις τῆς κυβερνήσεως ἀναμένεται ἐντὸς τῶν προσεχῶν ἡμερῶν, ἐνῷ αἱ συζητήσεις εἰς τὴν Βουλὴν συνεχίζονται μετὰ μεγάλου ἐνδιαφέροντος.

ΛΟΝΔΙΝΟΝ, 6. (Ἰδ. ἀντ.).— Ὁ κ. Κρούστσεφ ἐδήλωσεν ὅτι ἡ σοβιετικὴ κυβέρνησις θὰ ἐγκαταστήσῃ εἰδικὰς βάσεις πυραύλων, ἐὰν ἡ Ἀγγλία δεχθῇ ἀμερικανικάς. Ἡ ἀπάντησις τῆς κυβερνήσεως ἀναμένεται ἐντὸς τῶν προσεχῶν ἡμερῶν, ἐνῷ αἱ συζητήσεις εἰς τὴν Βουλὴν συνεχίζονται μετὰ μεγάλου ἐνδιαφέροντος.

ΛΟΝΔΙΝΟΝ, 6. (Ἰδ. ἀντ.).— Ὁ κ. Κρούστσεφ ἐδήλωσεν ὅτι ἡ σοβιετικὴ κυβέρνησις θὰ ἐγκαταστήσῃ εἰδικὰς βάσεις πυραύλων, ἐὰν ἡ Ἀγγλία δεχθῇ ἀμερικανικάς. Ἡ ἀπάντησις τῆς κυβερνήσεως ἀναμένεται ἐντὸς τῶν προσεχῶν ἡμερῶν, ἐνῷ αἱ συζητήσεις εἰς τὴν Βουλὴν συνεχίζονται μετὰ μεγάλου ἐνδιαφέροντος.

Ο κ. ΓΚΑΪΓΙΑΡ ΕΩΣΕΞΕ ΣΥΓΚΙΝΑ ΕΠΙΧΕΙΡΗΣΙΝ ΣΗΜΕΡΟΝ Η ΨΗΦΟΦΟΡΙΑ

ΛΟΝΔΙΝΟΝ, 6. (Ἰδ. ἀντ.).— Ὁ κ. Κρούστσεφ ἐδήλωσεν ὅτι ἡ σοβιετικὴ κυβέρνησις θὰ ἐγκαταστήσῃ εἰδικὰς βάσεις πυραύλων, ἐὰν ἡ Ἀγγλία δεχθῇ ἀμερικανικάς. Ἡ ἀπάντησις τῆς κυβερνήσεως ἀναμένεται ἐντὸς τῶν προσεχῶν ἡμερῶν, ἐνῷ αἱ συζητήσεις εἰς τὴν Βουλὴν συνεχίζονται μετὰ μεγάλου ἐνδιαφέροντος.

ΛΟΝΔΙΝΟΝ, 6. (Ἰδ. ἀντ.).— Ὁ κ. Κρούστσεφ ἐδήλωσεν ὅτι ἡ σοβιετικὴ κυβέρνησις θὰ ἐγκαταστήσῃ εἰδικὰς βάσεις πυραύλων, ἐὰν ἡ Ἀγγλία δεχθῇ ἀμερικανικάς. Ἡ ἀπάντησις τῆς κυβερνήσεως ἀναμένεται ἐντὸς τῶν προσεχῶν ἡμερῶν, ἐνῷ αἱ συζητήσεις εἰς τὴν Βουλὴν συνεχίζονται μετὰ μεγάλου ἐνδιαφέροντος.

ΕΠΙΚΥΡΩΝ ΖΗΤΟΥΝ ΟΙ ΣΥΝΤΑΞΙΟΥΧΟΙ ΤΟΥ ΙΚΑ

ΛΟΝΔΙΝΟΝ, 6. (Ἰδ. ἀντ.).— Ὁ κ. Κρούστσεφ ἐδήλωσεν ὅτι ἡ σοβιετικὴ κυβέρνησις θὰ ἐγκαταστήσῃ εἰδικὰς βάσεις πυραύλων, ἐὰν ἡ Ἀγγλία δεχθῇ ἀμερικανικάς. Ἡ ἀπάντησις τῆς κυβερνήσεως ἀναμένεται ἐντὸς τῶν προσεχῶν ἡμερῶν, ἐνῷ αἱ συζητήσεις εἰς τὴν Βουλὴν συνεχίζονται μετὰ μεγάλου ἐνδιαφέροντος.

ΛΟΝΔΙΝΟΝ, 6. (Ἰδ. ἀντ.).— Ὁ κ. Κρούστσεφ ἐδήλωσεν ὅτι ἡ σοβιετικὴ κυβέρνησις θὰ ἐγκαταστήσῃ εἰδικὰς βάσεις πυραύλων, ἐὰν ἡ Ἀγγλία δεχθῇ ἀμερικανικάς. Ἡ ἀπάντησις τῆς κυβερνήσεως ἀναμένεται ἐντὸς τῶν προσεχῶν ἡμερῶν, ἐνῷ αἱ συζητήσεις εἰς τὴν Βουλὴν συνεχίζονται μετὰ μεγάλου ἐνδιαφέροντος.

ΑΙ ΑΡΓΑΙ ΕΡΓΑΣΙΑΣ ΤΩΝ ΦΑΡΜΑΚΕΙΩΝ

ΛΟΝΔΙΝΟΝ, 6. (Ἰδ. ἀντ.).— Ὁ κ. Κρούστσεφ ἐδήλωσεν ὅτι ἡ σοβιετικὴ κυβέρνησις θὰ ἐγκαταστήσῃ εἰδικὰς βάσεις πυραύλων, ἐὰν ἡ Ἀγγλία δεχθῇ ἀμερικανικάς. Ἡ ἀπάντησις τῆς κυβερνήσεως ἀναμένεται ἐντὸς τῶν προσεχῶν ἡμερῶν, ἐνῷ αἱ συζητήσεις εἰς τὴν Βουλὴν συνεχίζονται μετὰ μεγάλου ἐνδιαφέροντος.

Ο ΚΑΙΡΟΣ

ΛΟΝΔΙΝΟΝ, 6. (Ἰδ. ἀντ.).— Ὁ κ. Κρούστσεφ ἐδήλωσεν ὅτι ἡ σοβιετικὴ κυβέρνησις θὰ ἐγκαταστήσῃ εἰδικὰς βάσεις πυραύλων, ἐὰν ἡ Ἀγγλία δεχθῇ ἀμερικανικάς. Ἡ ἀπάντησις τῆς κυβερνήσεως ἀναμένεται ἐντὸς τῶν προσεχῶν ἡμερῶν, ἐνῷ αἱ συζητήσεις εἰς τὴν Βουλὴν συνεχίζονται μετὰ μεγάλου ἐνδιαφέροντος.

ΤΟ ΥΠ. ΕΣΩΤΕΡΙΚΩΝ ΔΙΕΝΕΙΜΕ ΤΑΣ 250 ΒΟΥΛΕΥΤΙΚΑΣ ΕΔΡΑΣ ΒΑΣΕΙ ΤΟΥ ΝΟΜΟΣΧΕΔΙΟΥ ΤΗΣ ΕΝΙΣΧΥΜΕΝΗΣ

ΛΟΝΔΙΝΟΝ, 6. (Ἰδ. ἀντ.).— Ὁ κ. Κρούστσεφ ἐδήλωσεν ὅτι ἡ σοβιετικὴ κυβέρνησις θὰ ἐγκαταστήσῃ εἰδικὰς βάσεις πυραύλων, ἐὰν ἡ Ἀγγλία δεχθῇ ἀμερικανικάς. Ἡ ἀπάντησις τῆς κυβερνήσεως ἀναμένεται ἐντὸς τῶν προσεχῶν ἡμερῶν, ἐνῷ αἱ συζητήσεις εἰς τὴν Βουλὴν συνεχίζονται μετὰ μεγάλου ἐνδιαφέροντος.

ΛΟΝΔΙΝΟΝ, 6. (Ἰδ. ἀντ.).— Ὁ κ. Κρούστσεφ ἐδήλωσεν ὅτι ἡ σοβιετικὴ κυβέρνησις θὰ ἐγκαταστήσῃ εἰδικὰς βάσεις πυραύλων, ἐὰν ἡ Ἀγγλία δεχθῇ ἀμερικανικάς. Ἡ ἀπάντησις τῆς κυβερνήσεως ἀναμένεται ἐντὸς τῶν προσεχῶν ἡμερῶν, ἐνῷ αἱ συζητήσεις εἰς τὴν Βουλὴν συνεχίζονται μετὰ μεγάλου ἐνδιαφέροντος.

ΛΟΝΔΙΝΟΝ, 6. (Ἰδ. ἀντ.).— Ὁ κ. Κρούστσεφ ἐδήλωσεν ὅτι ἡ σοβιετικὴ κυβέρνησις θὰ ἐγκαταστήσῃ εἰδικὰς βάσεις πυραύλων, ἐὰν ἡ Ἀγγλία δεχθῇ ἀμερικανικάς. Ἡ ἀπάντησις τῆς κυβερνήσεως ἀναμένεται ἐντὸς τῶν προσεχῶν ἡμερῶν, ἐνῷ αἱ συζητήσεις εἰς τὴν Βουλὴν συνεχίζονται μετὰ μεγάλου ἐνδιαφέροντος.

ΛΟΝΔΙΝΟΝ, 6. (Ἰδ. ἀντ.).— Ὁ κ. Κρούστσεφ ἐδήλωσεν ὅτι ἡ σοβιετικὴ κυβέρνησις θὰ ἐγκαταστήσῃ εἰδικὰς βάσεις πυραύλων, ἐὰν ἡ Ἀγγλία δεχθῇ ἀμερικανικάς. Ἡ ἀπάντησις τῆς κυβερνήσεως ἀναμένεται ἐντὸς τῶν προσεχῶν ἡμερῶν, ἐνῷ αἱ συζητήσεις εἰς τὴν Βουλὴν συνεχίζονται μετὰ μεγάλου ἐνδιαφέροντος.

ΠΡΟΣΧΩΡΗΣΙΣ ΒΟΥΛΕΥΤΟΥ ΕΙΣ ΤΟΥΣ ΦΙΛΕΛΕΥΘΕΡΟΥΣ

ΛΟΝΔΙΝΟΝ, 6. (Ἰδ. ἀντ.).— Ὁ κ. Κρούστσεφ ἐδήλωσεν ὅτι ἡ σοβιετικὴ κυβέρνησις θὰ ἐγκαταστήσῃ εἰδικὰς βάσεις πυραύλων, ἐὰν ἡ Ἀγγλία δεχθῇ ἀμερικανικάς. Ἡ ἀπάντησις τῆς κυβερνήσεως ἀναμένεται ἐντὸς τῶν προσεχῶν ἡμερῶν, ἐνῷ αἱ συζητήσεις εἰς τὴν Βουλὴν συνεχίζονται μετὰ μεγάλου ἐνδιαφέροντος.

ΛΟΝΔΙΝΟΝ, 6. (Ἰδ. ἀντ.).— Ὁ κ. Κρούστσεφ ἐδήλωσεν ὅτι ἡ σοβιετικὴ κυβέρνησις θὰ ἐγκαταστήσῃ εἰδικὰς βάσεις πυραύλων, ἐὰν ἡ Ἀγγλία δεχθῇ ἀμερικανικάς. Ἡ ἀπάντησις τῆς κυβερνήσεως ἀναμένεται ἐντὸς τῶν προσεχῶν ἡμερῶν, ἐνῷ αἱ συζητήσεις εἰς τὴν Βουλὴν συνεχίζονται μετὰ μεγάλου ἐνδιαφέροντος.

ΛΟΝΔΙΝΟΝ, 6. (Ἰδ. ἀντ.).— Ὁ κ. Κρούστσεφ ἐδήλωσεν ὅτι ἡ σοβιετικὴ κυβέρνησις θὰ ἐγκαταστήσῃ εἰδικὰς βάσεις πυραύλων, ἐὰν ἡ Ἀγγλία δεχθῇ ἀμερικανικάς. Ἡ ἀπάντησις τῆς κυβερνήσεως ἀναμένεται ἐντὸς τῶν προσεχῶν ἡμερῶν, ἐνῷ αἱ συζητήσεις εἰς τὴν Βουλὴν συνεχίζονται μετὰ μεγάλου ἐνδιαφέροντος.

ΛΟΝΔΙΝΟΝ, 6. (Ἰδ. ἀντ.).— Ὁ κ. Κρούστσεφ ἐδήλωσεν ὅτι ἡ σοβιετικὴ κυβέρνησις θὰ ἐγκαταστήσῃ εἰδικὰς βάσεις πυραύλων, ἐὰν ἡ Ἀγγλία δεχθῇ ἀμερικανικάς. Ἡ ἀπάντησις τῆς κυβερνήσεως ἀναμένεται ἐντὸς τῶν προσεχῶν ἡμερῶν, ἐνῷ αἱ συζητήσεις εἰς τὴν Βουλὴν συνεχίζονται μετὰ μεγάλου ἐνδιαφέροντος.

ΕΝΙΣΧΥΕΤΑΙ Η ΠΑΘΗΤΙΚΗ ΑΝΤΙΣΤΑΣΙΣ ΕΙΣ ΤΗΝ ΚΥΠΡΟΝ
Ο ΦΟΥΤ ΕΘΕΣΕ ΧΘΕΣ ΕΚΤΟΣ ΝΟΜΟΥ ΤΗΝ ΟΡΓΑΝΩΣΙΝ Α.Ν.Ε.
Η ΔΗΛΩΣΙΣ ΔΙΑ ΤΑΣ ΜΥΣΤΙΚΑΣ ΣΥΝΟΜΙΛΙΑΣ

ΛΟΝΔΙΝΟΝ, 6. (Ἰδ. ἀντ.).— Ὁ κ. Κρούστσεφ ἐδήλωσεν ὅτι ἡ σοβιετικὴ κυβέρνησις θὰ ἐγκαταστήσῃ εἰδικὰς βάσεις πυραύλων, ἐὰν ἡ Ἀγγλία δεχθῇ ἀμερικανικάς. Ἡ ἀπάντησις τῆς κυβερνήσεως ἀναμένεται ἐντὸς τῶν προσεχῶν ἡμερῶν, ἐνῷ αἱ συζητήσεις εἰς τὴν Βουλὴν συνεχίζονται μετὰ μεγάλου ἐνδιαφέροντος.

ΛΟΝΔΙΝΟΝ, 6. (Ἰδ. ἀντ.).— Ὁ κ. Κρούστσεφ ἐδήλωσεν ὅτι ἡ σοβιετικὴ κυβέρνησις θὰ ἐγκαταστήσῃ εἰδικὰς βάσεις πυραύλων, ἐὰν ἡ Ἀγγλία δεχθῇ ἀμερικανικάς. Ἡ ἀπάντησις τῆς κυβερνήσεως ἀναμένεται ἐντὸς τῶν προσεχῶν ἡμερῶν, ἐνῷ αἱ συζητήσεις εἰς τὴν Βουλὴν συνεχίζονται μετὰ μεγάλου ἐνδιαφέροντος.

ΛΟΝΔΙΝΟΝ, 6. (Ἰδ. ἀντ.).— Ὁ κ. Κρούστσεφ ἐδήλωσεν ὅτι ἡ σοβιετικὴ κυβέρνησις θὰ ἐγκαταστήσῃ εἰδικὰς βάσεις πυραύλων, ἐὰν ἡ Ἀγγλία δεχθῇ ἀμερικανικάς. Ἡ ἀπάντησις τῆς κυβερνήσεως ἀναμένεται ἐντὸς τῶν προσεχῶν ἡμερῶν, ἐνῷ αἱ συζητήσεις εἰς τὴν Βουλὴν συνεχίζονται μετὰ μεγάλου ἐνδιαφέροντος.

ΛΟΝΔΙΝΟΝ, 6. (Ἰδ. ἀντ.).— Ὁ κ. Κρούστσεφ ἐδήλωσεν ὅτι ἡ σοβιετικὴ κυβέρνησις θὰ ἐγκαταστήσῃ εἰδικὰς βάσεις πυραύλων, ἐὰν ἡ Ἀγγλία δεχθῇ ἀμερικανικάς. Ἡ ἀπάντησις τῆς κυβερνήσεως ἀναμένεται ἐντὸς τῶν προσεχῶν ἡμερῶν, ἐνῷ αἱ συζητήσεις εἰς τὴν Βουλὴν συνεχίζονται μετὰ μεγάλου ἐνδιαφέροντος.

ΛΟΝΔΙΝΟΝ, 6. (Ἰδ. ἀντ.).— Ὁ κ. Κρούστσεφ ἐδήλωσεν ὅτι ἡ σοβιετικὴ κυβέρνησις θὰ ἐγκαταστήσῃ εἰδικὰς βάσεις πυραύλων, ἐὰν ἡ Ἀγγλία δεχθῇ ἀμερικανικάς. Ἡ ἀπάντησις τῆς κυβερνήσεως ἀναμένεται ἐντὸς τῶν προσεχῶν ἡμερῶν, ἐνῷ αἱ συζητήσεις εἰς τὴν Βουλὴν συνεχίζονται μετὰ μεγάλου ἐνδιαφέροντος.

ΑΔΙΑΣΠΑΣΤΟΙ ΟΙ ΚΥΠΡΙΟΙ ΕΙΣ ΤΗΝ ΑΥΤΟΔΙΑΘΕΣΙΝ

ΛΟΝΔΙΝΟΝ, 6. (Ἰδ. ἀντ.).— Ὁ κ. Κρούστσεφ ἐδήλωσεν ὅτι ἡ σοβιετικὴ κυβέρνησις θὰ ἐγκαταστήσῃ εἰδικὰς βάσεις πυραύλων, ἐὰν ἡ Ἀγγλία δεχθῇ ἀμερικανικάς. Ἡ ἀπάντησις τῆς κυβερνήσεως ἀναμένεται ἐντὸς τῶν προσεχῶν ἡμερῶν, ἐνῷ αἱ συζητήσεις εἰς τὴν Βουλὴν συνεχίζονται μετὰ μεγάλου ἐνδιαφέροντος.

ΛΟΝΔΙΝΟΝ, 6. (Ἰδ. ἀντ.).— Ὁ κ. Κρούστσεφ ἐδήλωσεν ὅτι ἡ σοβιετικὴ κυβέρνησις θὰ ἐγκαταστήσῃ εἰδικὰς βάσεις πυραύλων, ἐὰν ἡ Ἀγγλία δεχθῇ ἀμερικανικάς. Ἡ ἀπάντησις τῆς κυβερνήσεως ἀναμένεται ἐντὸς τῶν προσεχῶν ἡμερῶν, ἐνῷ αἱ συζητήσεις εἰς τὴν Βουλὴν συνεχίζονται μετὰ μεγάλου ἐνδιαφέροντος.

ΟΙ κ.κ. ΔΟΒΑΣ ΚΑΙ ΛΑΠΠΑΣ ΑΝΑΧΩΡΟΥΝ ΕΙΣ ΠΑΡΙΣΙΟΥΣ ΔΙΑ ΤΗΝ ΣΥΝΟΔΟΝ ΤΩΝ ΕΠΙΤΕΛΑΡΧΩΝ ΤΟΥ Ν.Α.Τ.Ο.
ΘΑ ΣΥΖΗΤΗΘΗ ΤΟ ΘΕΜΑ ΤΩΝ ΒΑΣΕΩΝ

ΛΟΝΔΙΝΟΝ, 6. (Ἰδ. ἀντ.).— Ὁ κ. Κρούστσεφ ἐδήλωσεν ὅτι ἡ σοβιετικὴ κυβέρνησις θὰ ἐγκαταστήσῃ εἰδικὰς βάσεις πυραύλων, ἐὰν ἡ Ἀγγλία δεχθῇ ἀμερικανικάς. Ἡ ἀπάντησις τῆς κυβερνήσεως ἀναμένεται ἐντὸς τῶν προσεχῶν ἡμερῶν, ἐνῷ αἱ συζητήσεις εἰς τὴν Βουλὴν συνεχίζονται μετὰ μεγάλου ἐνδιαφέροντος.

ΛΟΝΔΙΝΟΝ, 6. (Ἰδ. ἀντ.).— Ὁ κ. Κρούστσεφ ἐδήλωσεν ὅτι ἡ σοβιετικὴ κυβέρνησις θὰ ἐγκαταστήσῃ εἰδικὰς βάσεις πυραύλων, ἐὰν ἡ Ἀγγλία δεχθῇ ἀμερικανικάς. Ἡ ἀπάντησις τῆς κυβερνήσεως ἀναμένεται ἐντὸς τῶν προσεχῶν ἡμερῶν, ἐνῷ αἱ συζητήσεις εἰς τὴν Βουλὴν συνεχίζονται μετὰ μεγάλου ἐνδιαφέροντος.

ΔΙΕΤΑΧΘΗΣΑΝ ΑΝΑΚΡΙΣΕΙΣ ΔΙΑ ΤΗΝ ΥΠΟΧΩΡΗΣΙΝ ΤΟΥ ΜΕΓΑΛΟΥ ΦΡΑΓΜΑΤΟΣ ΛΑΨΙΣΤΗΣ-ΙΩΑΝΝΙΝΩΝ

ΛΟΝΔΙΝΟΝ, 6. (Ἰδ. ἀντ.).— Ὁ κ. Κρούστσεφ ἐδήλωσεν ὅτι ἡ σοβιετικὴ κυβέρνησις θὰ ἐγκαταστήσῃ εἰδικὰς βάσεις πυραύλων, ἐὰν ἡ Ἀγγλία δεχθῇ ἀμερικανικάς. Ἡ ἀπάντησις τῆς κυβερνήσεως ἀναμένεται ἐντὸς τῶν προσεχῶν ἡμερῶν, ἐνῷ αἱ συζητήσεις εἰς τὴν Βουλὴν συνεχίζονται μετὰ μεγάλου ἐνδιαφέροντος.

ΛΟΝΔΙΝΟΝ, 6. (Ἰδ. ἀντ.).— Ὁ κ. Κρούστσεφ ἐδήλωσεν ὅτι ἡ σοβιετικὴ κυβέρνησις θὰ ἐγκαταστήσῃ εἰδικὰς βάσεις πυραύλων, ἐὰν ἡ Ἀγγλία δεχθῇ ἀμερικανικάς. Ἡ ἀπάντησις τῆς κυβερνήσεως ἀναμένεται ἐντὸς τῶν προσεχῶν ἡμερῶν, ἐνῷ αἱ συζητήσεις εἰς τὴν Βουλὴν συνεχίζονται μετὰ μεγάλου ἐνδιαφέροντος.

ΛΟΝΔΙΝΟΝ, 6. (Ἰδ. ἀντ.).— Ὁ κ. Κρούστσεφ ἐδήλωσεν ὅτι ἡ σοβιετικὴ κυβέρνησις θὰ ἐγκαταστήσῃ εἰδικὰς βάσεις πυραύλων, ἐὰν ἡ Ἀγγλία δεχθῇ ἀμερικανικάς. Ἡ ἀπάντησις τῆς κυβερνήσεως ἀναμένεται ἐντὸς τῶν προσεχῶν ἡμερῶν, ἐνῷ αἱ συζητήσεις εἰς τὴν Βουλὴν συνεχίζονται μετὰ μεγάλου ἐνδιαφέροντος.

ΘΑ ΣΥΓΚΛΗΘΗ ΠΑΝΝΑΥΤΙΚΗ ΣΥΓΚΕΝΤΡΩΣΙΣ ΔΙΑ ΤΟ ΘΕΜΑ ΤΗΣ ΑΝΕΡΓΙΑΣ ΤΩΝ ΝΑΥΤΕΡΓΑΤΩΝ

ΛΟΝΔΙΝΟΝ, 6. (Ἰδ. ἀντ.).— Ὁ κ. Κρούστσεφ ἐδήλωσεν ὅτι ἡ σοβιετικὴ κυβέρνησις θὰ ἐγκαταστήσῃ εἰδικὰς βάσεις πυραύλων, ἐὰν ἡ Ἀγγλία δεχθῇ ἀμερικανικάς. Ἡ ἀπάντησις τῆς κυβερνήσεως ἀναμένεται ἐντὸς τῶν προσεχῶν ἡμερῶν, ἐνῷ αἱ συζητήσεις εἰς τὴν Βουλὴν συνεχίζονται μετὰ μεγάλου ἐνδιαφέροντος.

ΛΟΝΔΙΝΟΝ, 6. (Ἰδ. ἀντ.).— Ὁ κ. Κρούστσεφ ἐδήλωσεν ὅτι ἡ σοβιετικὴ κυβέρνησις θὰ ἐγκαταστήσῃ εἰδικὰς βάσεις πυραύλων, ἐὰν ἡ Ἀγγλία δεχθῇ ἀμερικανικάς. Ἡ ἀπάντησις τῆς κυβερνήσεως ἀναμένεται ἐντὸς τῶν προσεχῶν ἡμερῶν, ἐνῷ αἱ συζητήσεις εἰς τὴν Βουλὴν συνεχίζονται μετὰ μεγάλου ἐνδιαφέροντος.

Η ΔΙΕΘΝΗΣ ΔΙΑΣΚΕΨΙΣ ΔΙΑ ΤΑ ΧΩΡΙΚΑ ΥΔΑΤΑ

ΛΟΝΔΙΝΟΝ, 6. (Ἰδ. ἀντ.).— Ὁ κ. Κρούστσεφ ἐδήλωσεν ὅτι ἡ σοβιετικὴ κυβέρνησις θὰ ἐγκαταστήσῃ εἰδικὰς βάσεις πυραύλων, ἐὰν ἡ Ἀγγλία δεχθῇ ἀμερικανικάς. Ἡ ἀπάντησις τῆς κυβερνήσεως ἀναμένεται ἐντὸς τῶν προσεχῶν ἡμερῶν, ἐνῷ αἱ συζητήσεις εἰς τὴν Βουλὴν συνεχίζονται μετὰ μεγάλου ἐνδιαφέροντος.

ΛΟΝΔΙΝΟΝ, 6. (Ἰδ. ἀντ.).— Ὁ κ. Κρούστσεφ ἐδήλωσεν ὅτι ἡ σοβιετικὴ κυβέρνησις θὰ ἐγκαταστήσῃ εἰδικὰς βάσεις πυραύλων, ἐὰν ἡ Ἀγγλία δεχθῇ ἀμερικανικάς. Ἡ ἀπάντησις τῆς κυβερνήσεως ἀναμένεται ἐντὸς τῶν προσεχῶν ἡμερῶν, ἐνῷ αἱ συζητήσεις εἰς τὴν Βουλὴν συνεχίζονται μετὰ μεγάλου ἐνδιαφέροντος.

ΛΟΝΔΙΝΟΝ, 6. (Ἰδ. ἀντ.).— Ὁ κ. Κρούστσεφ ἐδήλωσεν ὅτι ἡ σοβιετικὴ κυβέρνησις θὰ ἐγκαταστήσῃ εἰδικὰς βάσεις πυραύλων, ἐὰν ἡ Ἀγγλία δεχθῇ ἀμερικανικάς. Ἡ ἀπάντησις τῆς κυβερνήσεως ἀναμένεται ἐντὸς τῶν προσεχῶν ἡμερῶν, ἐνῷ αἱ συζητήσεις εἰς τὴν Βουλὴν συνεχίζονται μετὰ μεγάλου ἐνδιαφέροντος.

ΛΟΝΔΙΝΟΝ, 6. (Ἰδ. ἀντ.).— Ὁ κ. Κρούστσεφ ἐδήλωσεν ὅτι ἡ σοβιετικὴ κυβέρνησις θὰ ἐγκαταστήσῃ εἰδικὰς βάσεις πυραύλων, ἐὰν ἡ Ἀγγλία δεχθῇ ἀμερικανικάς. Ἡ ἀπάντησις τῆς κυβερνήσεως ἀναμένεται ἐντὸς τῶν προσεχῶν ἡμερῶν, ἐνῷ αἱ συζητήσεις εἰς τὴν Βουλὴν συνεχίζονται μετὰ μεγάλου ἐνδιαφέροντος.

ΠΡΟΑΓΩΓΗ ΤΑΞΙΑΡΧΩΝ

ΛΟΝΔΙΝΟΝ, 6. (Ἰδ. ἀντ.).— Ὁ κ. Κρούστσεφ ἐδήλωσεν ὅτι ἡ σοβιετικὴ κυβέρνησις θὰ ἐγκαταστήσῃ εἰδικὰς βάσεις πυραύλων, ἐὰν ἡ Ἀγγλία δεχθῇ ἀμερικανικάς. Ἡ ἀπάντησις τῆς κυβερνήσεως ἀναμένεται ἐντὸς τῶν προσεχῶν ἡμερῶν, ἐνῷ αἱ συζητήσεις εἰς τὴν Βουλὴν συνεχίζονται μετὰ μεγάλου ἐνδιαφέροντος.

ΛΟΝΔΙΝΟΝ, 6. (Ἰδ. ἀντ.).— Ὁ κ. Κρούστσεφ ἐδήλωσεν ὅτι ἡ σοβιετικὴ κυβέρνησις θὰ ἐγκαταστήσῃ εἰδικὰς βάσεις πυραύλων, ἐὰν ἡ Ἀγγλία δεχθῇ ἀμερικανικάς. Ἡ ἀπάντησις τῆς κυβερνήσεως ἀναμένεται ἐντὸς τῶν προσεχῶν ἡμερῶν, ἐνῷ αἱ συζητήσεις εἰς τὴν Βουλὴν συνεχίζονται μετὰ μεγάλου ἐνδιαφέροντος.
